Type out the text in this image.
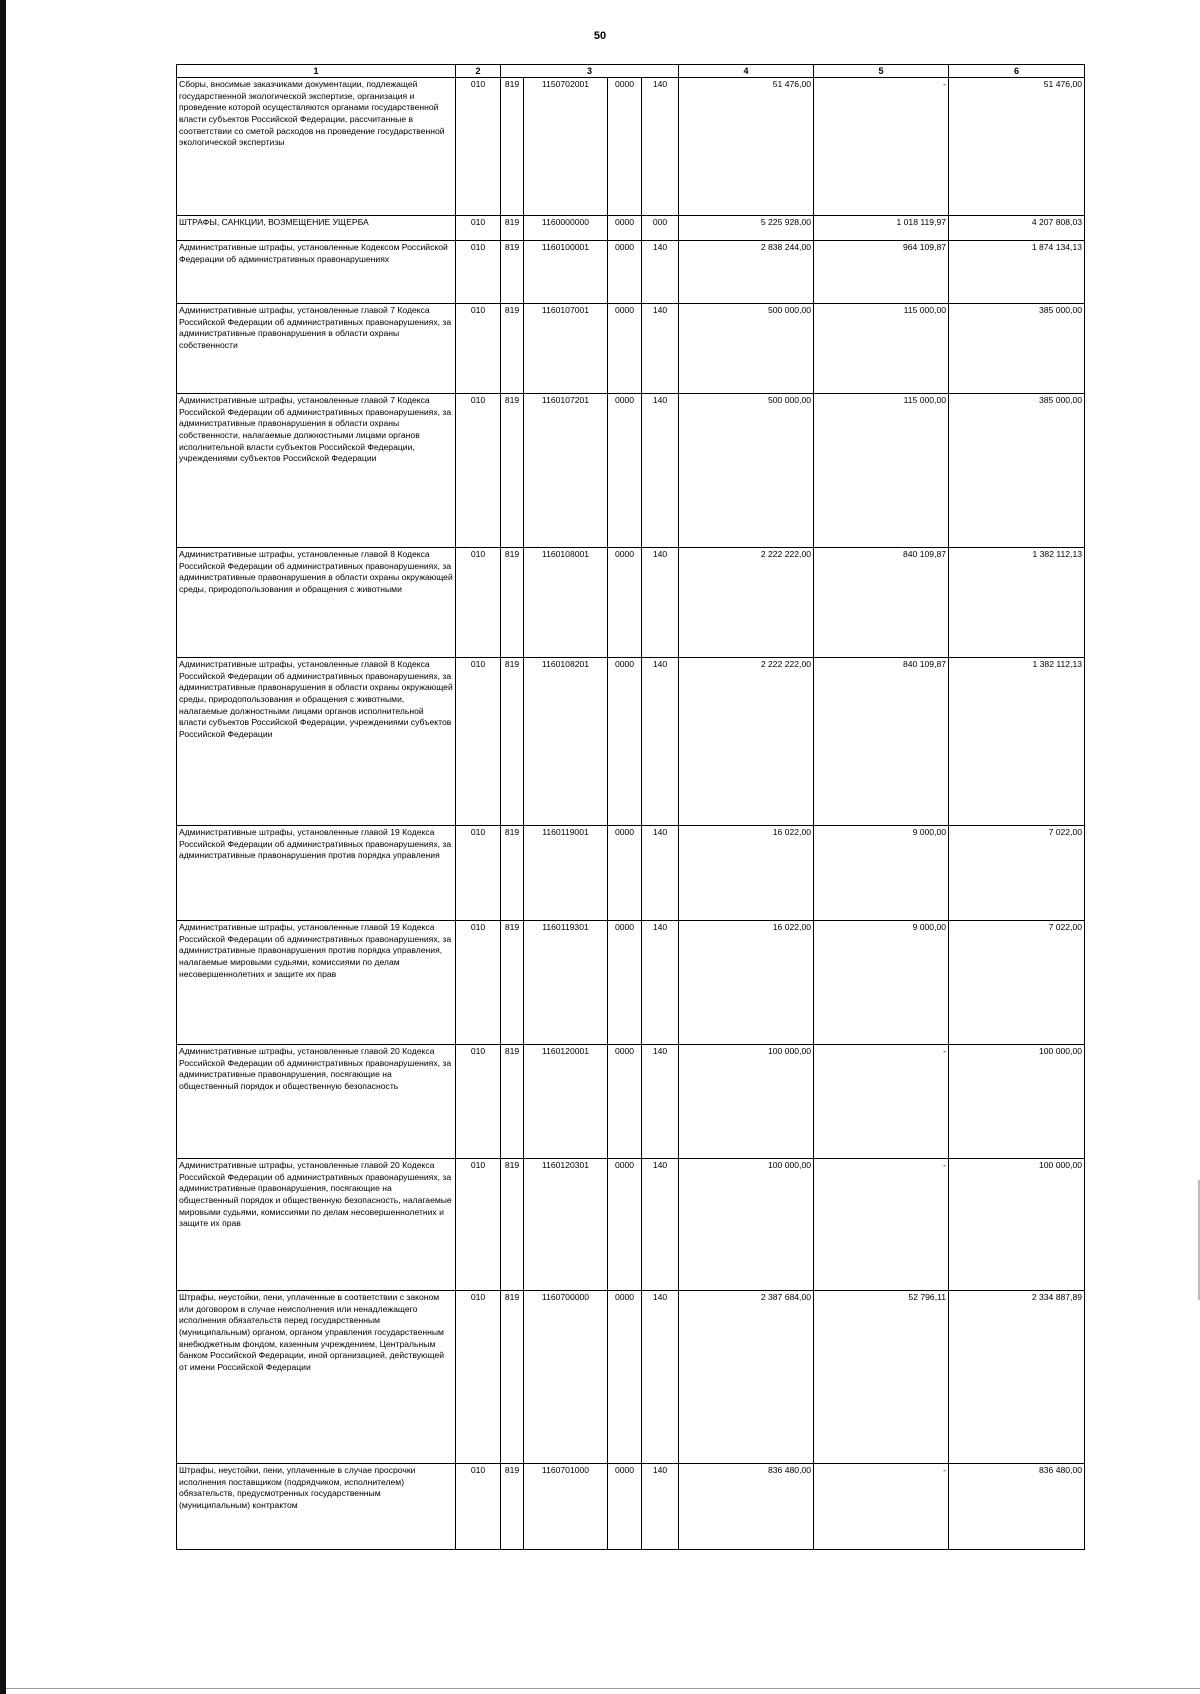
50
1	2	3				4	5	6
Сборы, вносимые заказчиками документации, подлежащей государственной экологической экспертизе, организация и проведение которой осуществляются органами государственной власти субъектов Российской Федерации, рассчитанные в соответствии со сметой расходов на проведение государственной экологической экспертизы	010	819	1150702001	0000	140	51 476,00	-	51 476,00
ШТРАФЫ, САНКЦИИ, ВОЗМЕЩЕНИЕ УЩЕРБА	010	819	1160000000	0000	000	5 225 928,00	1 018 119,97	4 207 808,03
Административные штрафы, установленные Кодексом Российской Федерации об административных правонарушениях	010	819	1160100001	0000	140	2 838 244,00	964 109,87	1 874 134,13
Административные штрафы, установленные главой 7 Кодекса Российской Федерации об административных правонарушениях, за административные правонарушения в области охраны собственности	010	819	1160107001	0000	140	500 000,00	115 000,00	385 000,00
Административные штрафы, установленные главой 7 Кодекса Российской Федерации об административных правонарушениях, за административные правонарушения в области охраны собственности, налагаемые должностными лицами органов исполнительной власти субъектов Российской Федерации, учреждениями субъектов Российской Федерации	010	819	1160107201	0000	140	500 000,00	115 000,00	385 000,00
Административные штрафы, установленные главой 8 Кодекса Российской Федерации об административных правонарушениях, за административные правонарушения в области охраны окружающей среды, природопользования и обращения с животными	010	819	1160108001	0000	140	2 222 222,00	840 109,87	1 382 112,13
Административные штрафы, установленные главой 8 Кодекса Российской Федерации об административных правонарушениях, за административные правонарушения в области охраны окружающей среды, природопользования и обращения с животными, налагаемые должностными лицами органов исполнительной власти субъектов Российской Федерации, учреждениями субъектов Российской Федерации	010	819	1160108201	0000	140	2 222 222,00	840 109,87	1 382 112,13
Административные штрафы, установленные главой 19 Кодекса Российской Федерации об административных правонарушениях, за административные правонарушения против порядка управления	010	819	1160119001	0000	140	16 022,00	9 000,00	7 022,00
Административные штрафы, установленные главой 19 Кодекса Российской Федерации об административных правонарушениях, за административные правонарушения против порядка управления, налагаемые мировыми судьями, комиссиями по делам несовершеннолетних и защите их прав	010	819	1160119301	0000	140	16 022,00	9 000,00	7 022,00
Административные штрафы, установленные главой 20 Кодекса Российской Федерации об административных правонарушениях, за административные правонарушения, посягающие на общественный порядок и общественную безопасность	010	819	1160120001	0000	140	100 000,00	-	100 000,00
Административные штрафы, установленные главой 20 Кодекса Российской Федерации об административных правонарушениях, за административные правонарушения, посягающие на общественный порядок и общественную безопасность, налагаемые мировыми судьями, комиссиями по делам несовершеннолетних и защите их прав	010	819	1160120301	0000	140	100 000,00	-	100 000,00
Штрафы, неустойки, пени, уплаченные в соответствии с законом или договором в случае неисполнения или ненадлежащего исполнения обязательств перед государственным (муниципальным) органом, органом управления государственным внебюджетным фондом, казенным учреждением, Центральным банком Российской Федерации, иной организацией, действующей от имени Российской Федерации	010	819	1160700000	0000	140	2 387 684,00	52 796,11	2 334 887,89
Штрафы, неустойки, пени, уплаченные в случае просрочки исполнения поставщиком (подрядчиком, исполнителем) обязательств, предусмотренных государственным (муниципальным) контрактом	010	819	1160701000	0000	140	836 480,00	-	836 480,00
